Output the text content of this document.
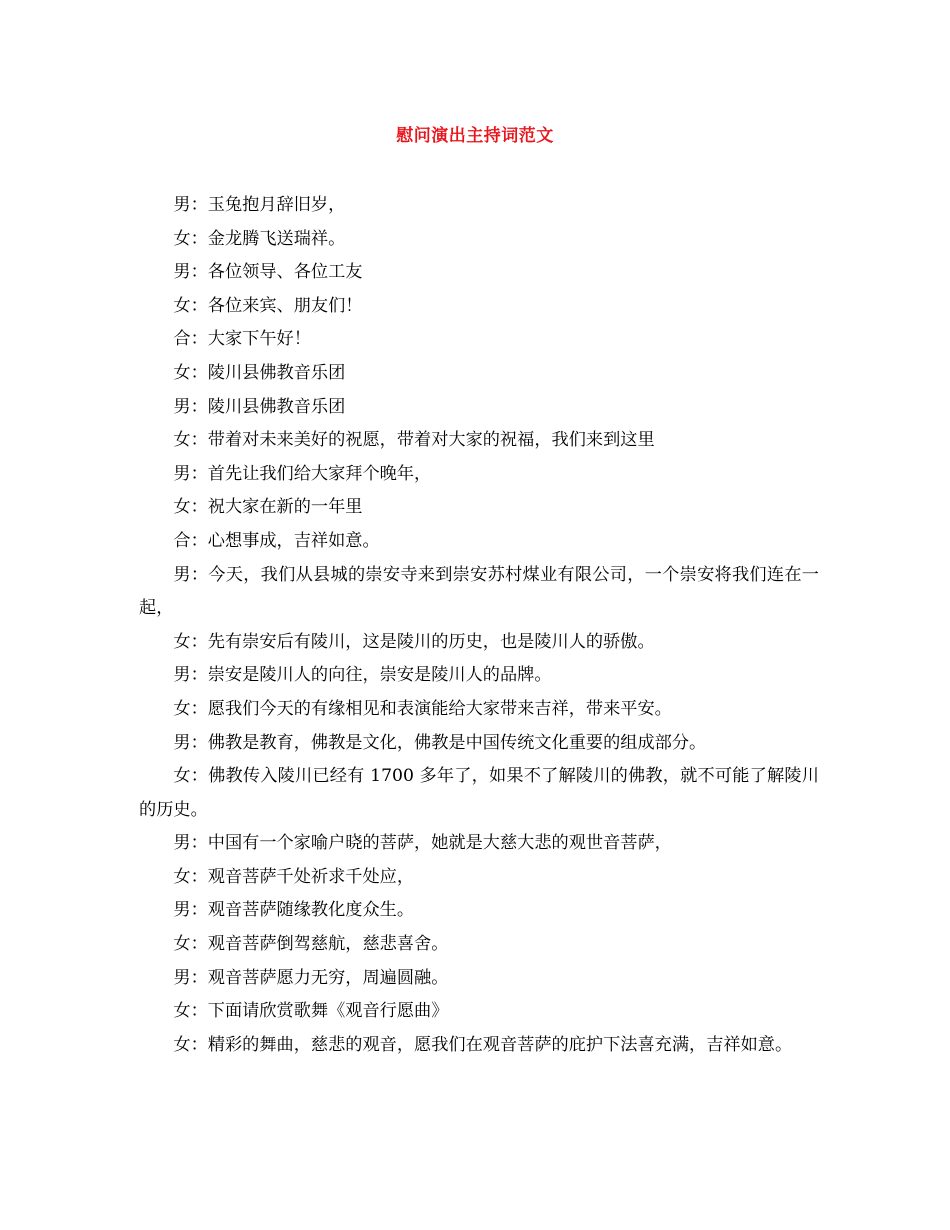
慰问演出主持词范文

男：玉兔抱月辞旧岁，

女：金龙腾飞送瑞祥。

男：各位领导、各位工友

女：各位来宾、朋友们！

合：大家下午好！

女：陵川县佛教音乐团

男：陵川县佛教音乐团

女：带着对未来美好的祝愿，带着对大家的祝福，我们来到这里

男：首先让我们给大家拜个晚年，

女：祝大家在新的一年里

合：心想事成，吉祥如意。

男：今天，我们从县城的崇安寺来到崇安苏村煤业有限公司，一个崇安将我们连在一起，

女：先有崇安后有陵川，这是陵川的历史，也是陵川人的骄傲。

男：崇安是陵川人的向往，崇安是陵川人的品牌。

女：愿我们今天的有缘相见和表演能给大家带来吉祥，带来平安。

男：佛教是教育，佛教是文化，佛教是中国传统文化重要的组成部分。

女：佛教传入陵川已经有 1700 多年了，如果不了解陵川的佛教，就不可能了解陵川的历史。

男：中国有一个家喻户晓的菩萨，她就是大慈大悲的观世音菩萨，

女：观音菩萨千处祈求千处应，

男：观音菩萨随缘教化度众生。

女：观音菩萨倒驾慈航，慈悲喜舍。

男：观音菩萨愿力无穷，周遍圆融。

女：下面请欣赏歌舞《观音行愿曲》

女：精彩的舞曲，慈悲的观音，愿我们在观音菩萨的庇护下法喜充满，吉祥如意。
